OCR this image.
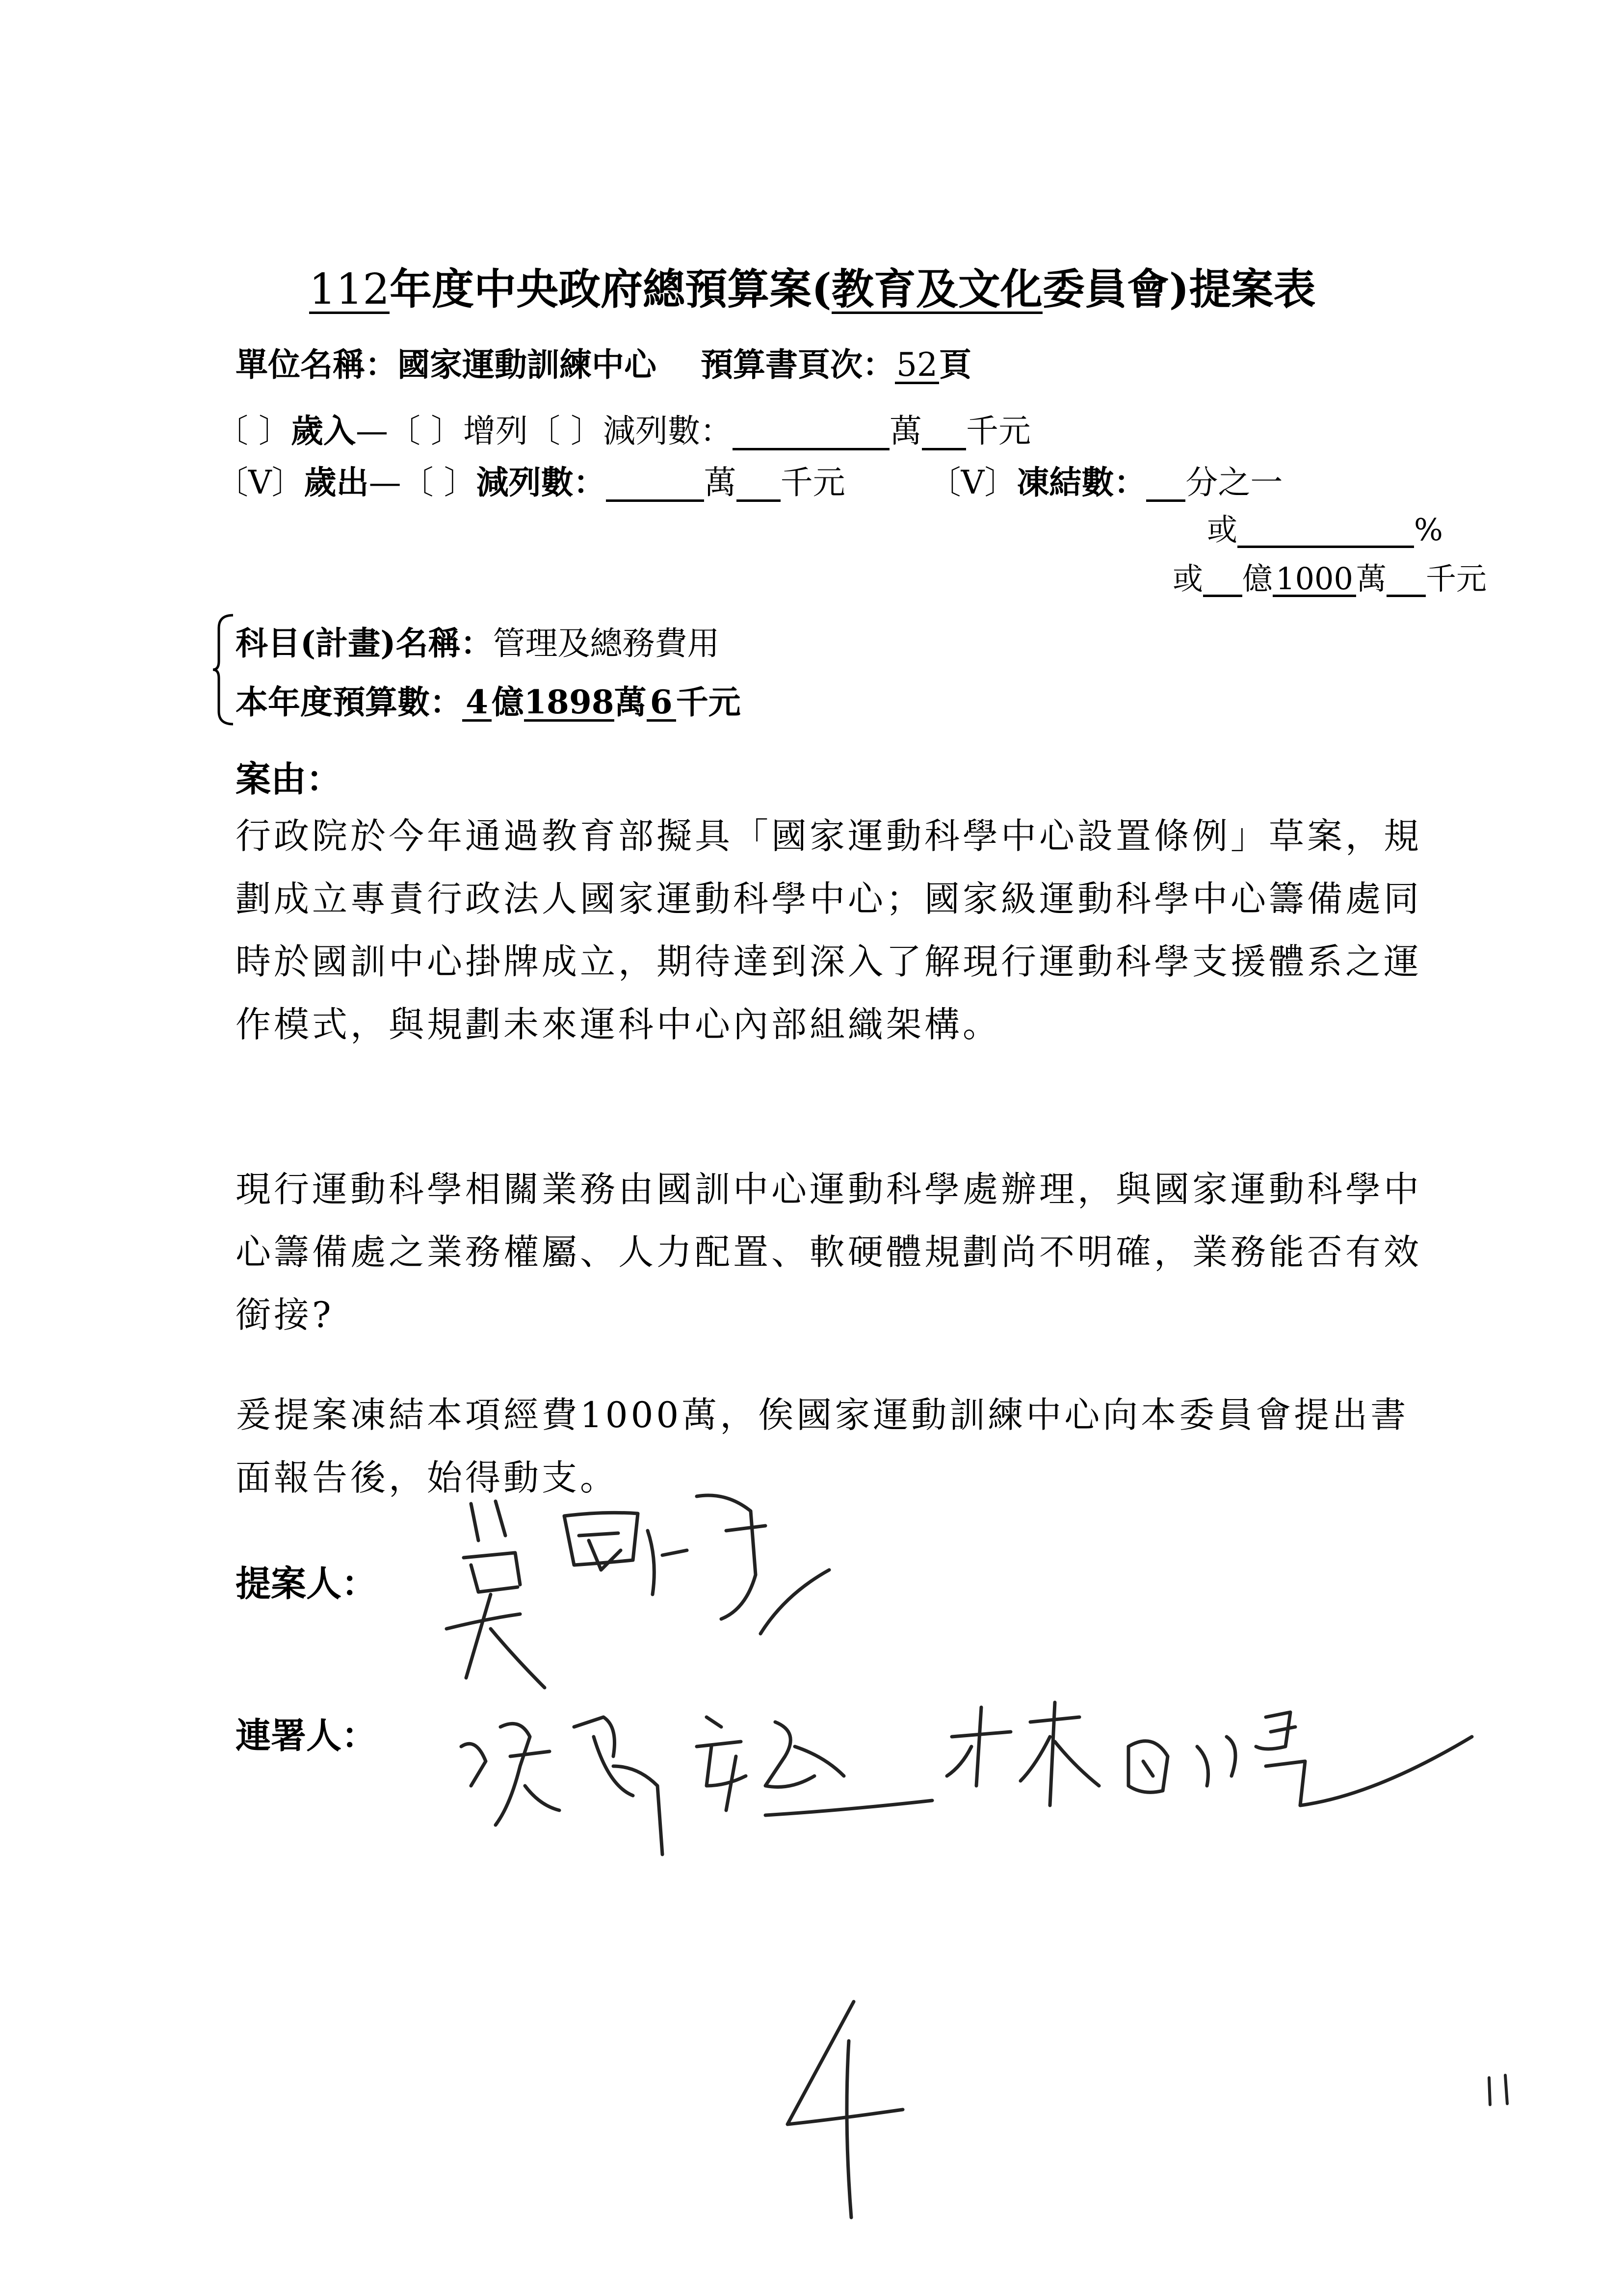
112年度中央政府總預算案(教育及文化委員會)提案表
單位名稱：國家運動訓練中心 預算書頁次：52頁
〔 〕歲入—〔 〕增列〔 〕減列數：	萬 千元
〔V〕歲出—〔 〕減列數：	萬 千元	〔V〕凍結數： 分之一
或	%
或 億1000萬 千元
科目(計畫)名稱：管理及總務費用
本年度預算數： 4 億1898萬 6 千元
案由：
行政院於今年通過教育部擬具「國家運動科學中心設置條例」草案，規劃成立專責行政法人國家運動科學中心；國家級運動科學中心籌備處同時於國訓中心掛牌成立，期待達到深入了解現行運動科學支援體系之運作模式，與規劃未來運科中心內部組織架構。
現行運動科學相關業務由國訓中心運動科學處辦理，與國家運動科學中心籌備處之業務權屬、人力配置、軟硬體規劃尚不明確，業務能否有效銜接?
爰提案凍結本項經費1000萬，俟國家運動訓練中心向本委員會提出書面報告後，始得動支。
提案人：
連署人：
